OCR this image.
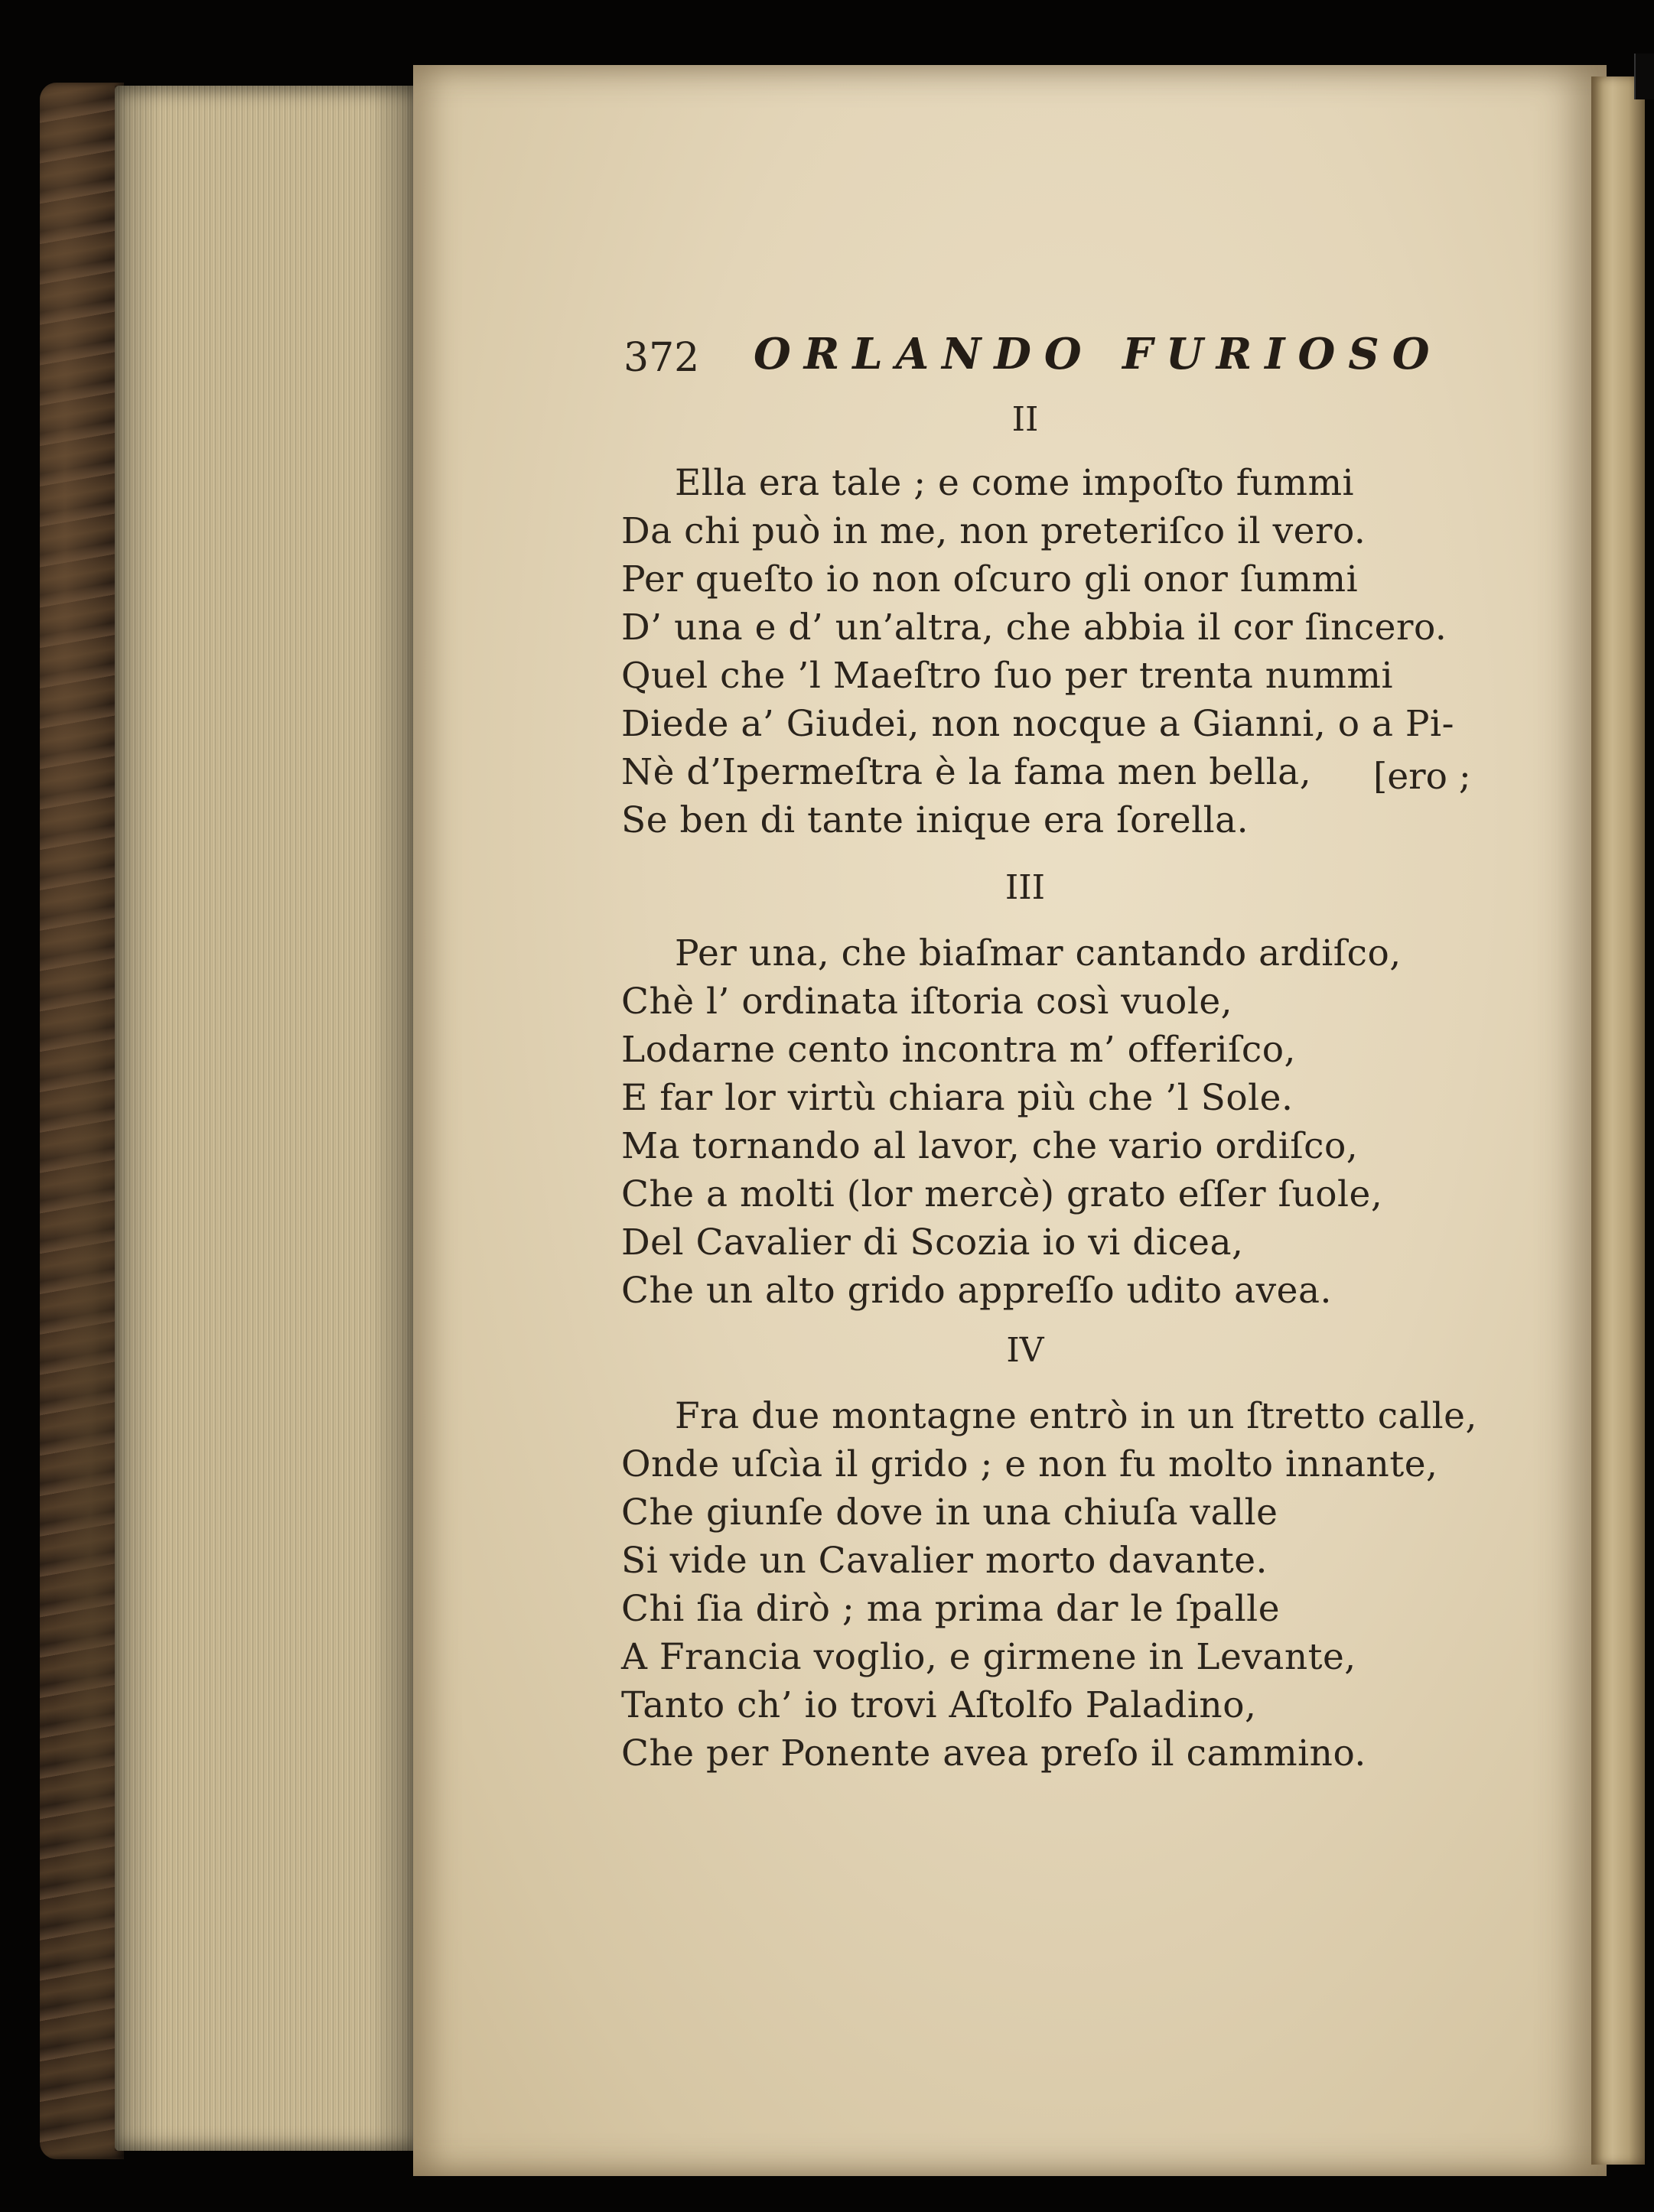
372 ORLANDO FURIOSO
II
Ella era tale ; e come impoſto fummi
Da chi può in me, non preteriſco il vero.
Per queſto io non oſcuro gli onor ſummi
D’ una e d’ un’altra, che abbia il cor ſincero.
Quel che ’l Maeſtro ſuo per trenta nummi
Diede a’ Giudei, non nocque a Gianni, o a Pi-
Nè d’Ipermeſtra è la fama men bella,
Se ben di tante inique era ſorella.
[ero ;
III
Per una, che biaſmar cantando ardiſco,
Chè l’ ordinata iſtoria così vuole,
Lodarne cento incontra m’ offeriſco,
E far lor virtù chiara più che ’l Sole.
Ma tornando al lavor, che vario ordiſco,
Che a molti (lor mercè) grato eſſer ſuole,
Del Cavalier di Scozia io vi dicea,
Che un alto grido appreſſo udito avea.
IV
Fra due montagne entrò in un ſtretto calle,
Onde uſcìa il grido ; e non fu molto innante,
Che giunſe dove in una chiuſa valle
Si vide un Cavalier morto davante.
Chi ſia dirò ; ma prima dar le ſpalle
A Francia voglio, e girmene in Levante,
Tanto ch’ io trovi Aſtolfo Paladino,
Che per Ponente avea preſo il cammino.
